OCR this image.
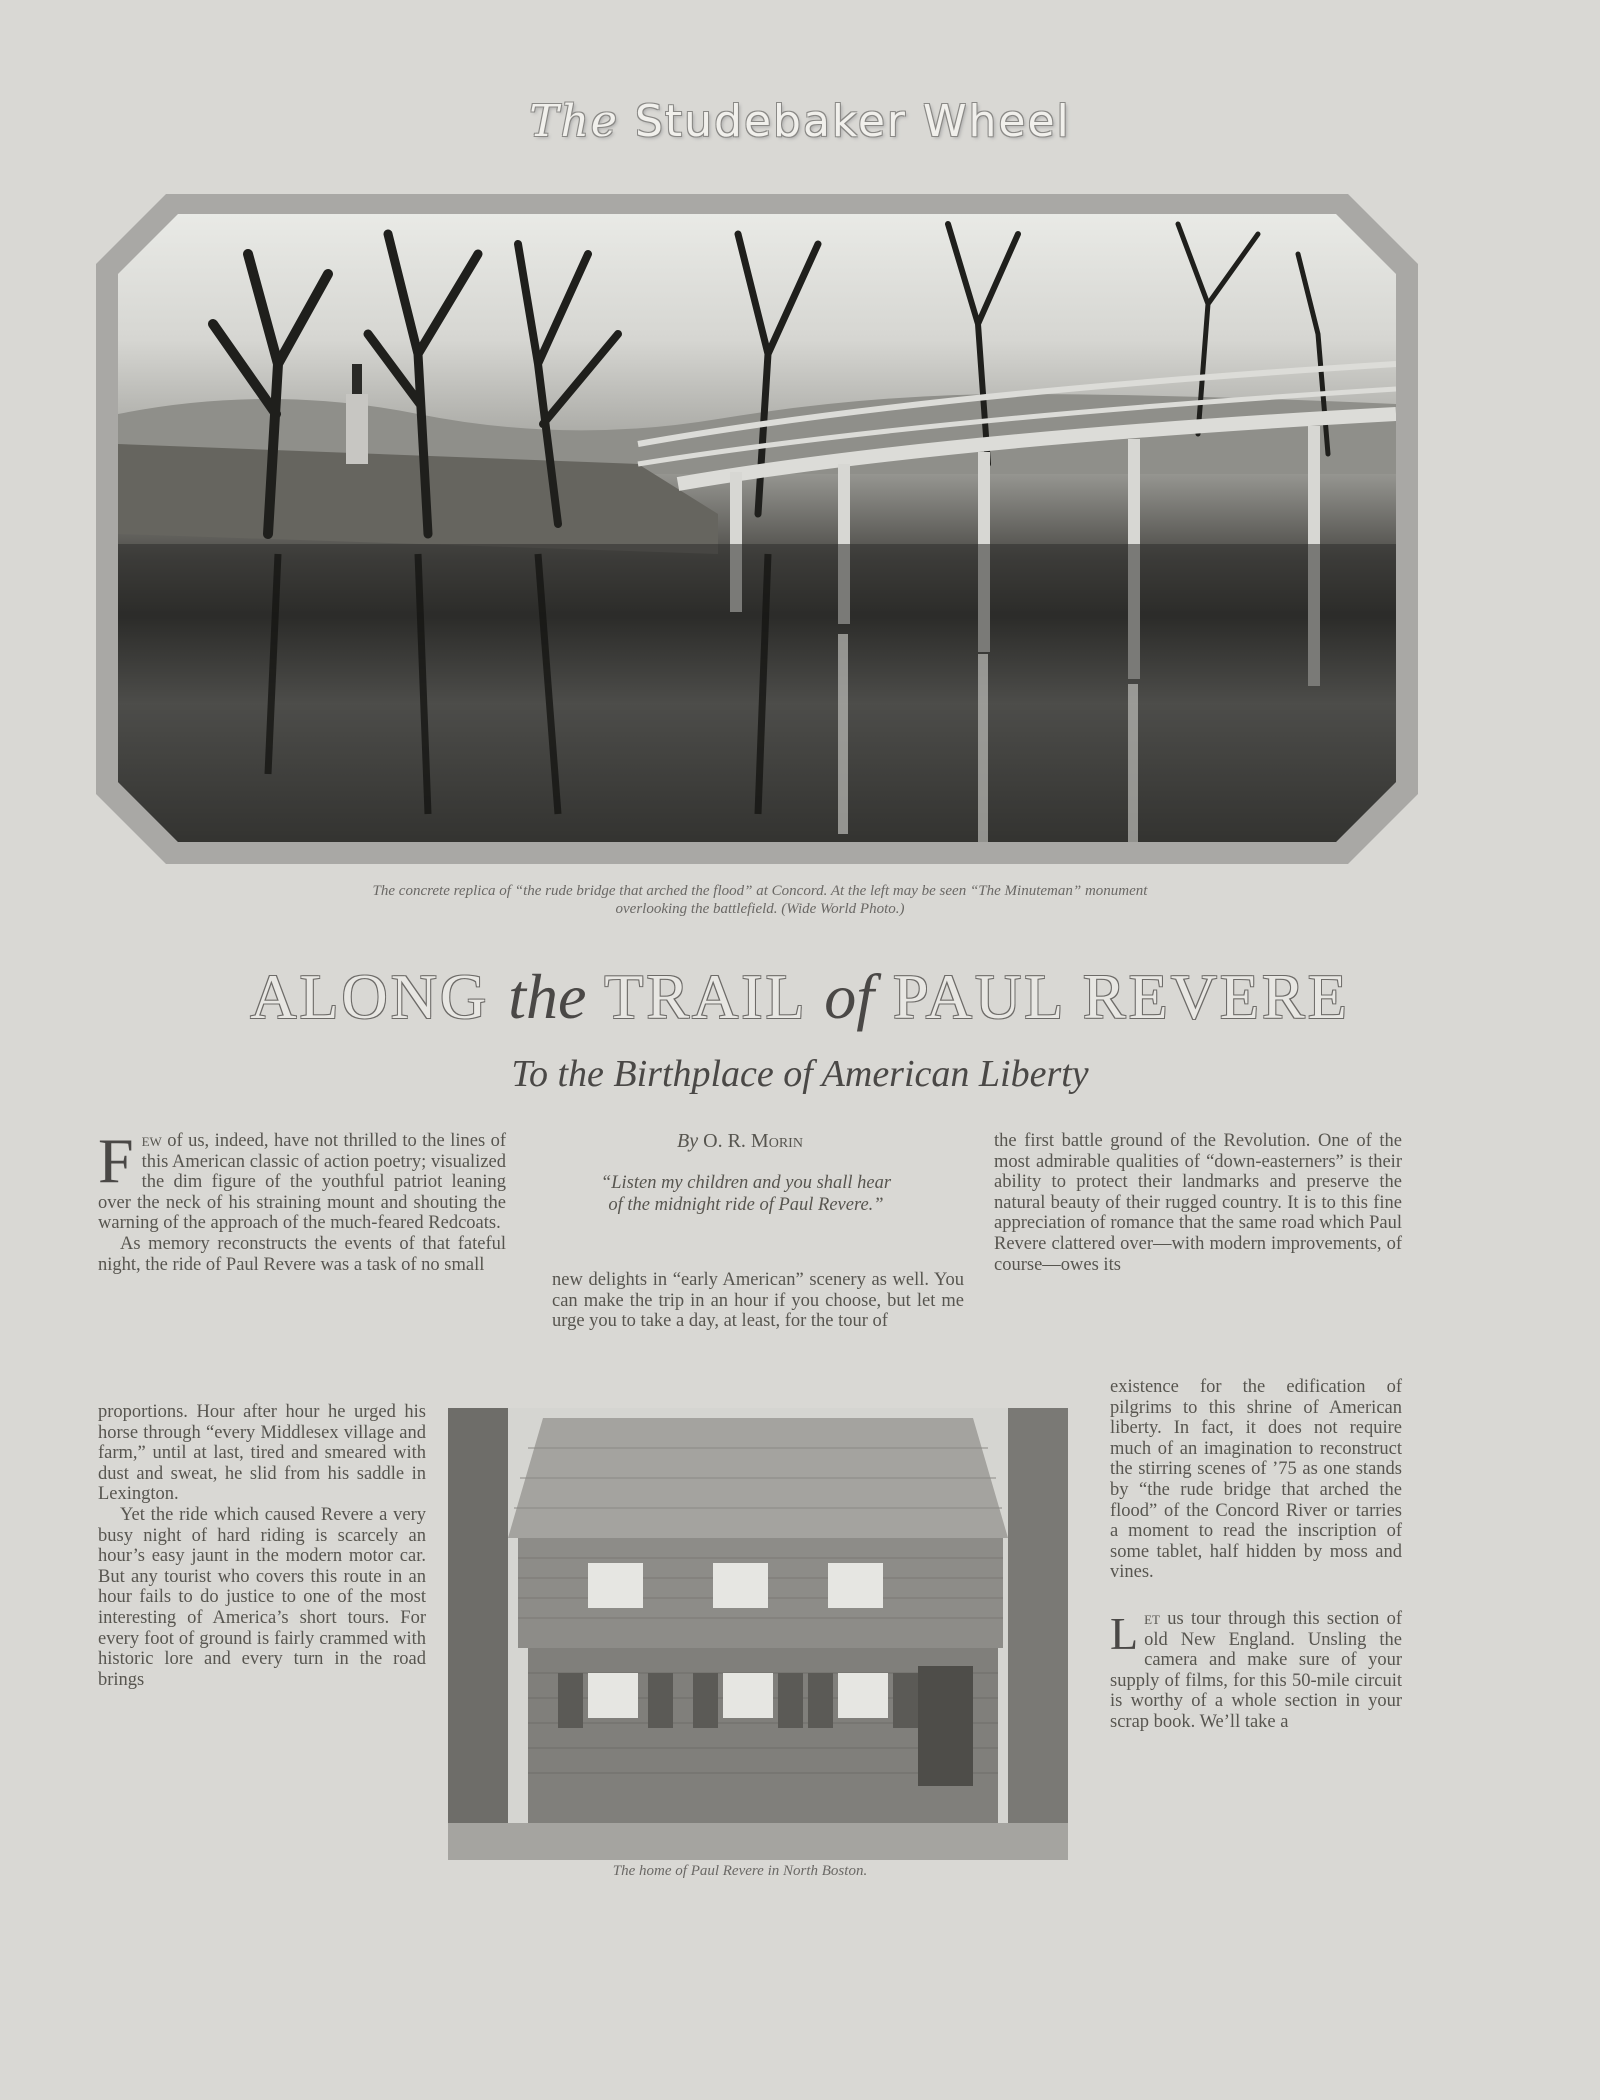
The Studebaker Wheel
The concrete replica of “the rude bridge that arched the flood” at Concord. At the left may be seen “The Minuteman” monument
overlooking the battlefield. (Wide World Photo.)
ALONG the TRAIL of PAUL REVERE
To the Birthplace of American Liberty

Few of us, indeed, have not thrilled to the lines of this American classic of action poetry; visualized the dim figure of the youthful patriot leaning over the neck of his straining mount and shouting the warning of the approach of the much-feared Redcoats.

As memory reconstructs the events of that fateful night, the ride of Paul Revere was a task of no small

proportions. Hour after hour he urged his horse through “every Middlesex village and farm,” until at last, tired and smeared with dust and sweat, he slid from his saddle in Lexington.

Yet the ride which caused Revere a very busy night of hard riding is scarcely an hour’s easy jaunt in the modern motor car. But any tourist who covers this route in an hour fails to do justice to one of the most interesting of America’s short tours. For every foot of ground is fairly crammed with historic lore and every turn in the road brings

By O. R. Morin
“Listen my children and you shall hear
of the midnight ride of Paul Revere.”

new delights in “early American” scenery as well. You can make the trip in an hour if you choose, but let me urge you to take a day, at least, for the tour of

The home of Paul Revere in North Boston.

the first battle ground of the Revolution. One of the most admirable qualities of “down-easterners” is their ability to protect their landmarks and preserve the natural beauty of their rugged country. It is to this fine appreciation of romance that the same road which Paul Revere clattered over—with modern improvements, of course—owes its

existence for the edification of pilgrims to this shrine of American liberty. In fact, it does not require much of an imagination to reconstruct the stirring scenes of ’75 as one stands by “the rude bridge that arched the flood” of the Concord River or tarries a moment to read the inscription of some tablet, half hidden by moss and vines.

Let us tour through this section of old New England. Unsling the camera and make sure of your supply of films, for this 50-mile circuit is worthy of a whole section in your scrap book. We’ll take a
